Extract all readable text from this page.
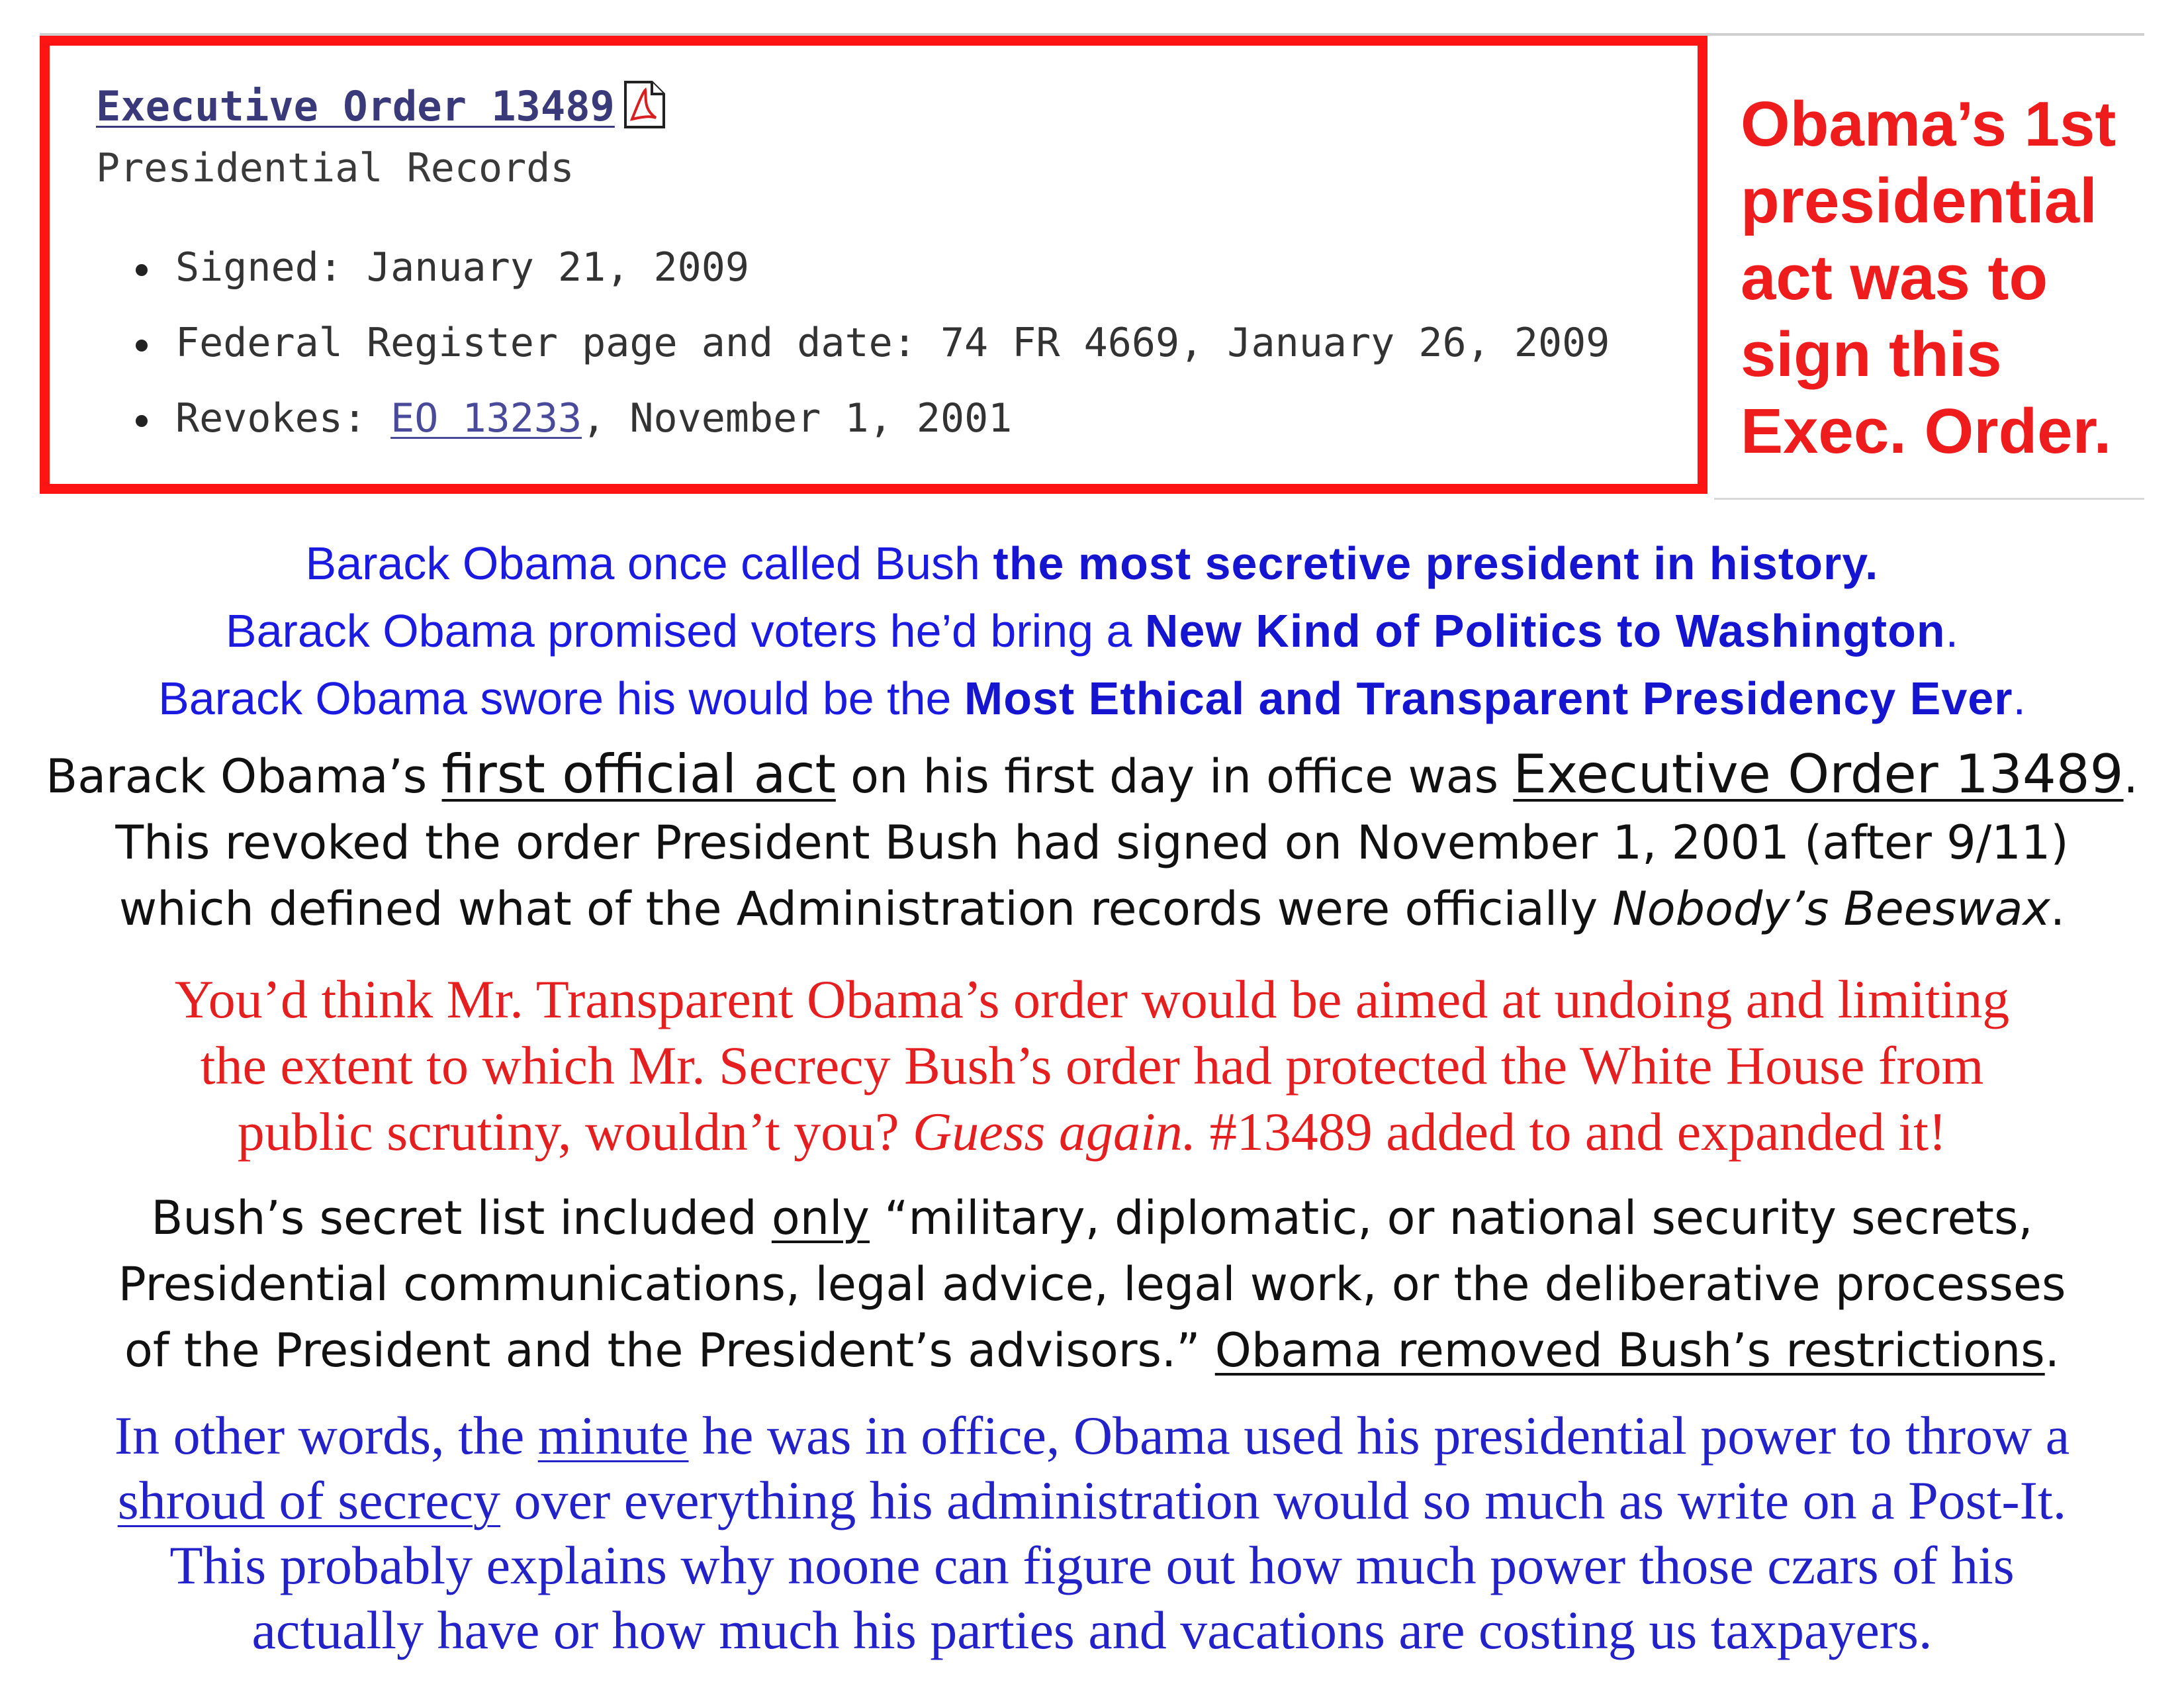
Executive Order 13489
Presidential Records
Signed: January 21, 2009
Federal Register page and date: 74 FR 4669, January 26, 2009
Revokes: EO 13233, November 1, 2001
Obama’s 1st
presidential
act was to
sign this
Exec. Order.
Barack Obama once called Bush the most secretive president in history.
Barack Obama promised voters he’d bring a New Kind of Politics to Washington.
Barack Obama swore his would be the Most Ethical and Transparent Presidency Ever.
Barack Obama’s first official act on his first day in office was Executive Order 13489.
This revoked the order President Bush had signed on November 1, 2001 (after 9/11)
which defined what of the Administration records were officially Nobody’s Beeswax.
You’d think Mr. Transparent Obama’s order would be aimed at undoing and limiting
the extent to which Mr. Secrecy Bush’s order had protected the White House from
public scrutiny, wouldn’t you? Guess again. #13489 added to and expanded it!
Bush’s secret list included only “military, diplomatic, or national security secrets,
Presidential communications, legal advice, legal work, or the deliberative processes
of the President and the President’s advisors.” Obama removed Bush’s restrictions.
In other words, the minute he was in office, Obama used his presidential power to throw a
shroud of secrecy over everything his administration would so much as write on a Post-It.
This probably explains why noone can figure out how much power those czars of his
actually have or how much his parties and vacations are costing us taxpayers.
